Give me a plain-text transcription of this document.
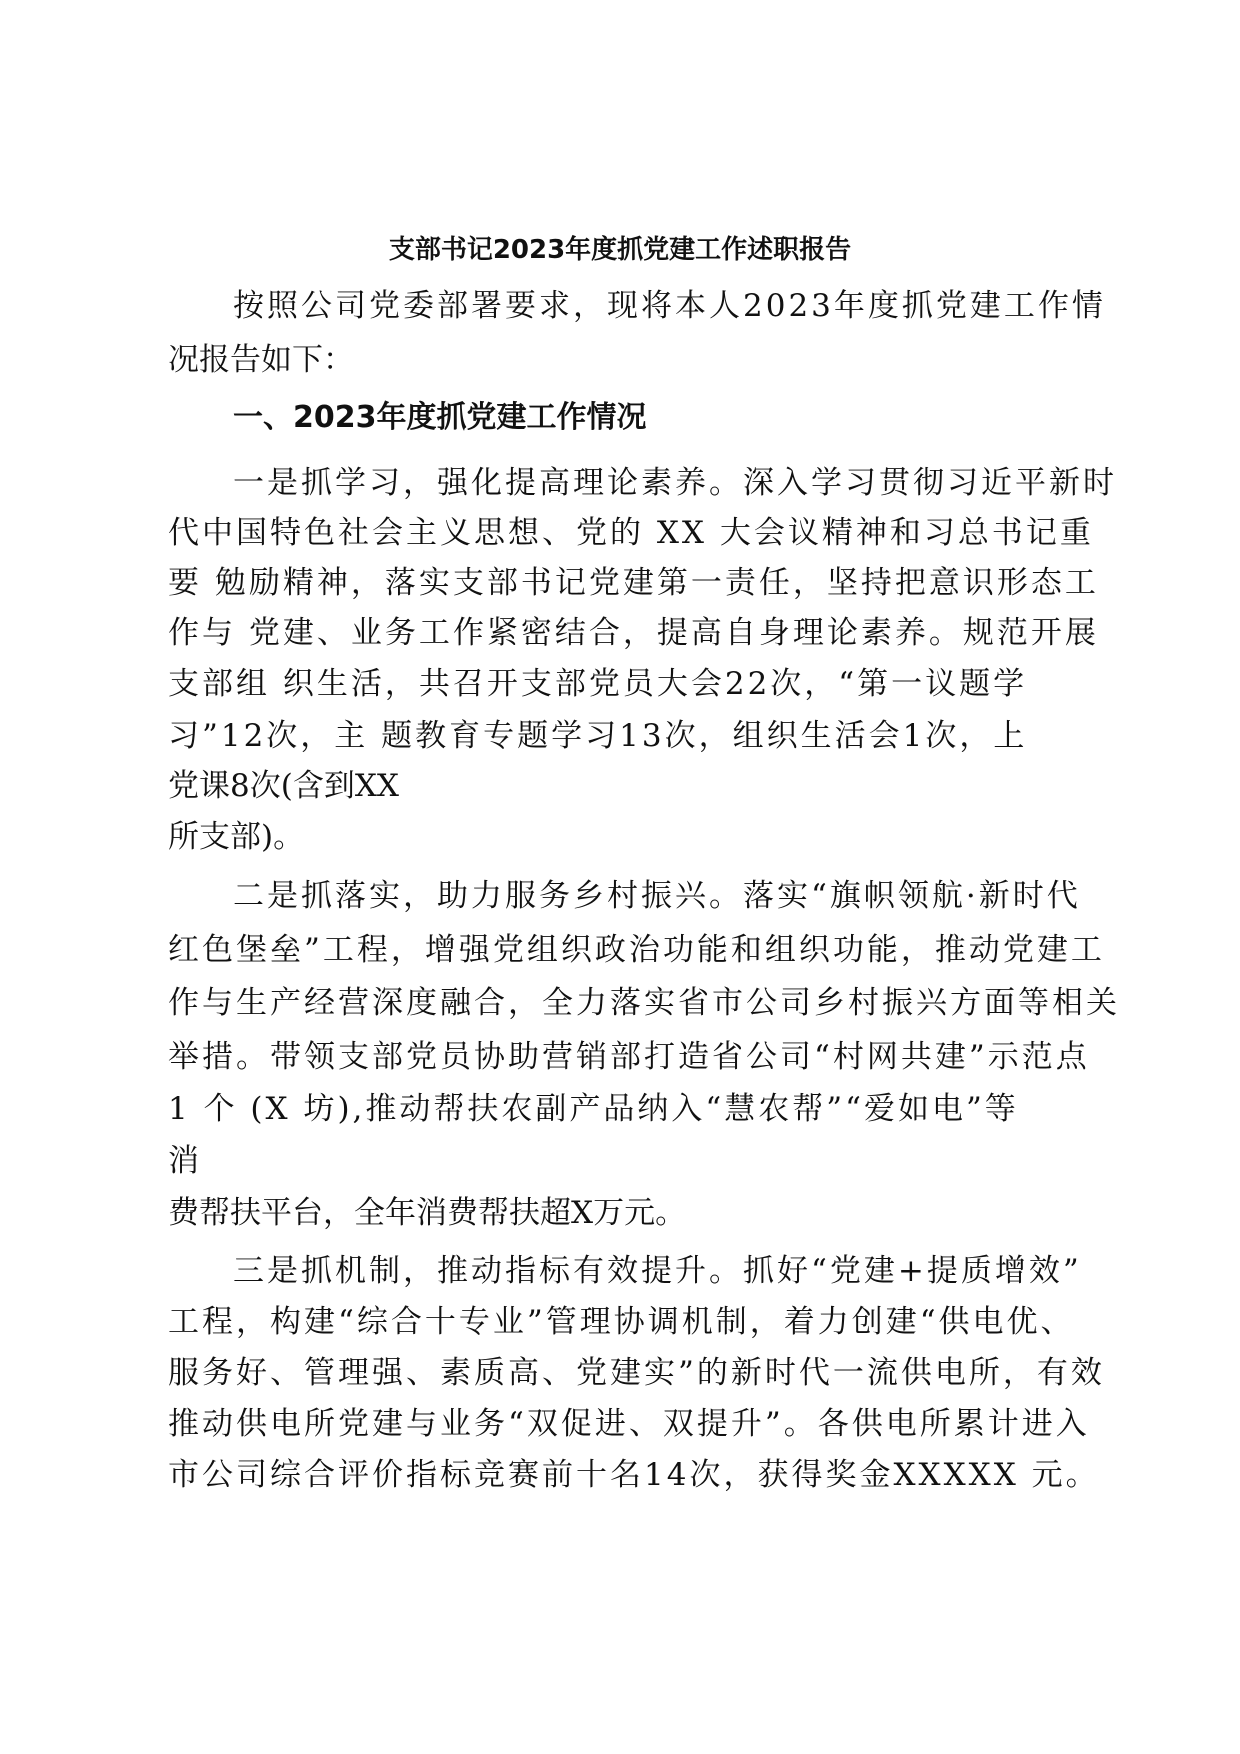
支部书记2023年度抓党建工作述职报告

按照公司党委部署要求，现将本人2023年度抓党建工作情

况报告如下：

一、2023年度抓党建工作情况

一是抓学习，强化提高理论素养。深入学习贯彻习近平新时

代中国特色社会主义思想、党的 XX 大会议精神和习总书记重

要 勉励精神，落实支部书记党建第一责任，坚持把意识形态工

作与 党建、业务工作紧密结合，提高自身理论素养。规范开展

支部组 织生活，共召开支部党员大会22次，“第一议题学

习”12次，主 题教育专题学习13次，组织生活会1次，上

党课8次(含到XX

所支部)。

二是抓落实，助力服务乡村振兴。落实“旗帜领航·新时代

红色堡垒”工程，增强党组织政治功能和组织功能，推动党建工

作与生产经营深度融合，全力落实省市公司乡村振兴方面等相关

举措。带领支部党员协助营销部打造省公司“村网共建”示范点

1 个 (X 坊),推动帮扶农副产品纳入“慧农帮”“爱如电”等

消

费帮扶平台，全年消费帮扶超X万元。

三是抓机制，推动指标有效提升。抓好“党建+提质增效”

工程，构建“综合十专业”管理协调机制，着力创建“供电优、

服务好、管理强、素质高、党建实”的新时代一流供电所，有效

推动供电所党建与业务“双促进、双提升”。各供电所累计进入

市公司综合评价指标竞赛前十名14次，获得奖金XXXXX 元。
